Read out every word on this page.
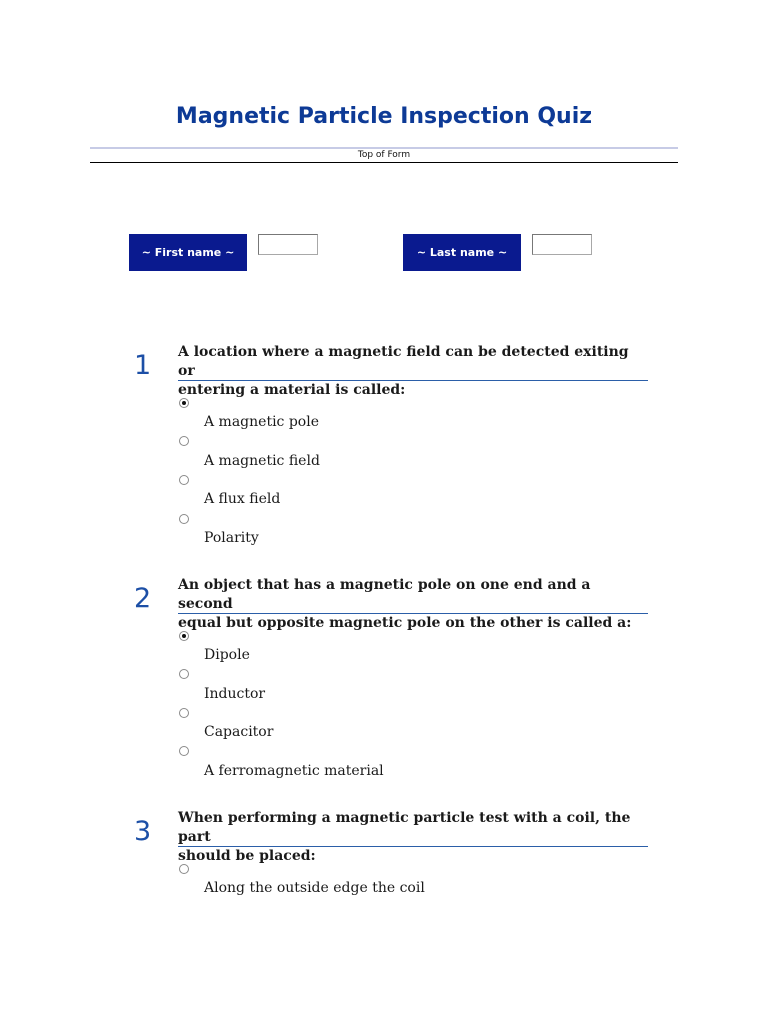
Magnetic Particle Inspection Quiz
Top of Form
~ First name ~	~ Last name ~
1	A location where a magnetic field can be detected exiting or
entering a material is called:
A magnetic pole
A magnetic field
A flux field
Polarity
2	An object that has a magnetic pole on one end and a second
equal but opposite magnetic pole on the other is called a:
Dipole
Inductor
Capacitor
A ferromagnetic material
3	When performing a magnetic particle test with a coil, the part
should be placed:
Along the outside edge the coil
